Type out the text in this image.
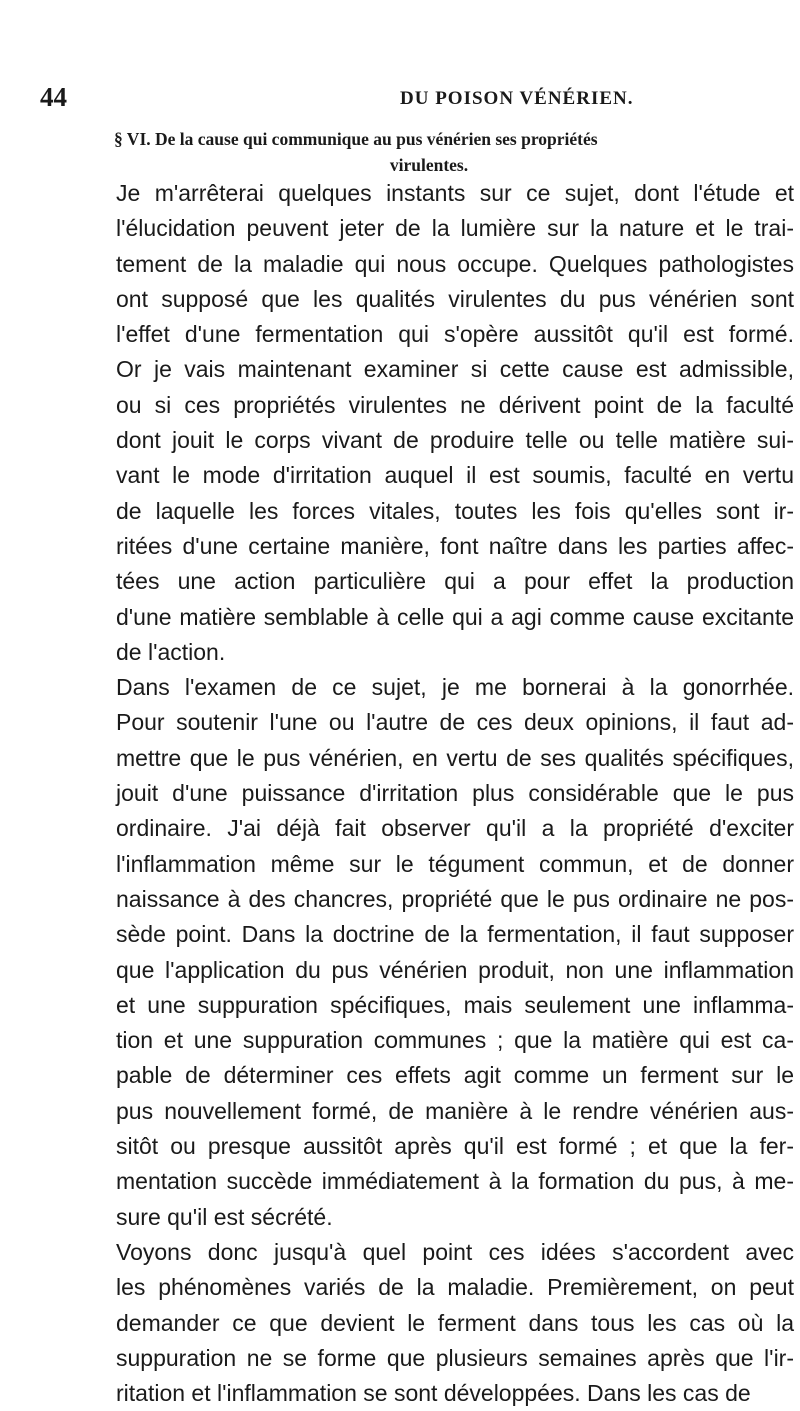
44	DU POISON VÉNÉRIEN.
§ VI. De la cause qui communique au pus vénérien ses propriétés
virulentes.

Je m'arrêterai quelques instants sur ce sujet, dont l'étude et
l'élucidation peuvent jeter de la lumière sur la nature et le trai-
tement de la maladie qui nous occupe. Quelques pathologistes
ont supposé que les qualités virulentes du pus vénérien sont
l'effet d'une fermentation qui s'opère aussitôt qu'il est formé.
Or je vais maintenant examiner si cette cause est admissible,
ou si ces propriétés virulentes ne dérivent point de la faculté
dont jouit le corps vivant de produire telle ou telle matière sui-
vant le mode d'irritation auquel il est soumis, faculté en vertu
de laquelle les forces vitales, toutes les fois qu'elles sont ir-
ritées d'une certaine manière, font naître dans les parties affec-
tées une action particulière qui a pour effet la production
d'une matière semblable à celle qui a agi comme cause excitante
de l'action.

Dans l'examen de ce sujet, je me bornerai à la gonorrhée.
Pour soutenir l'une ou l'autre de ces deux opinions, il faut ad-
mettre que le pus vénérien, en vertu de ses qualités spécifiques,
jouit d'une puissance d'irritation plus considérable que le pus
ordinaire. J'ai déjà fait observer qu'il a la propriété d'exciter
l'inflammation même sur le tégument commun, et de donner
naissance à des chancres, propriété que le pus ordinaire ne pos-
sède point. Dans la doctrine de la fermentation, il faut supposer
que l'application du pus vénérien produit, non une inflammation
et une suppuration spécifiques, mais seulement une inflamma-
tion et une suppuration communes ; que la matière qui est ca-
pable de déterminer ces effets agit comme un ferment sur le
pus nouvellement formé, de manière à le rendre vénérien aus-
sitôt ou presque aussitôt après qu'il est formé ; et que la fer-
mentation succède immédiatement à la formation du pus, à me-
sure qu'il est sécrété.

Voyons donc jusqu'à quel point ces idées s'accordent avec
les phénomènes variés de la maladie. Premièrement, on peut
demander ce que devient le ferment dans tous les cas où la
suppuration ne se forme que plusieurs semaines après que l'ir-
ritation et l'inflammation se sont développées. Dans les cas de
